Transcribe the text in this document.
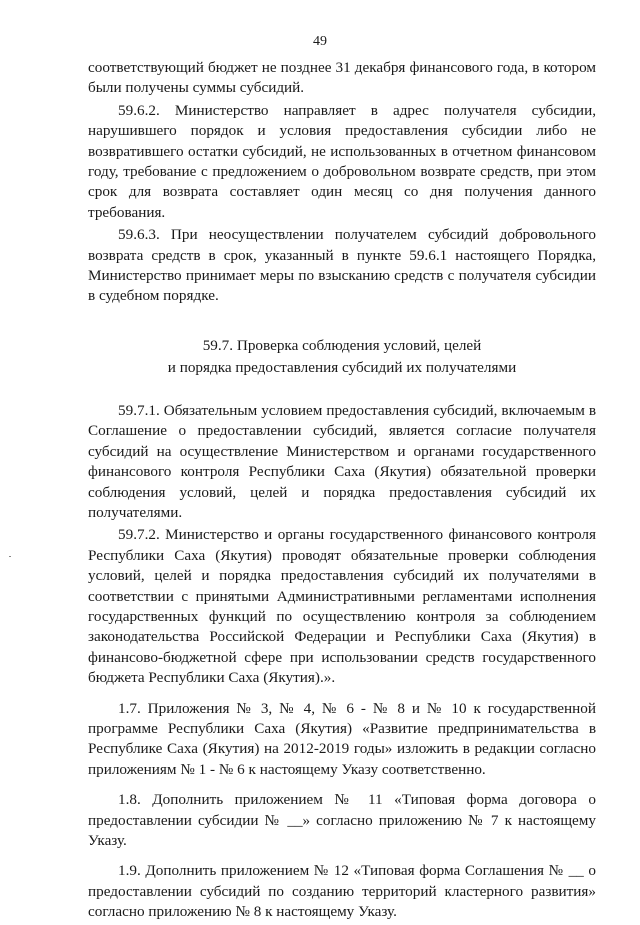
49

соответствующий бюджет не позднее 31 декабря финансового года, в котором были получены суммы субсидий.

59.6.2. Министерство направляет в адрес получателя субсидии, нарушившего порядок и условия предоставления субсидии либо не возвратившего остатки субсидий, не использованных в отчетном финансовом году, требование с предложением о добровольном возврате средств, при этом срок для возврата составляет один месяц со дня получения данного требования.

59.6.3. При неосуществлении получателем субсидий добровольного возврата средств в срок, указанный в пункте 59.6.1 настоящего Порядка, Министерство принимает меры по взысканию средств с получателя субсидии в судебном порядке.

59.7. Проверка соблюдения условий, целей
и порядка предоставления субсидий их получателями

59.7.1. Обязательным условием предоставления субсидий, включаемым в Соглашение о предоставлении субсидий, является согласие получателя субсидий на осуществление Министерством и органами государственного финансового контроля Республики Саха (Якутия) обязательной проверки соблюдения условий, целей и порядка предоставления субсидий их получателями.

59.7.2. Министерство и органы государственного финансового контроля Республики Саха (Якутия) проводят обязательные проверки соблюдения условий, целей и порядка предоставления субсидий их получателями в соответствии с принятыми Административными регламентами исполнения государственных функций по осуществлению контроля за соблюдением законодательства Российской Федерации и Республики Саха (Якутия) в финансово-бюджетной сфере при использовании средств государственного бюджета Республики Саха (Якутия).».

1.7. Приложения № 3, № 4, № 6 - № 8 и № 10 к государственной программе Республики Саха (Якутия) «Развитие предпринимательства в Республике Саха (Якутия) на 2012-2019 годы» изложить в редакции согласно приложениям № 1 - № 6 к настоящему Указу соответственно.

1.8. Дополнить приложением № 11 «Типовая форма договора о предоставлении субсидии № __» согласно приложению № 7 к настоящему Указу.

1.9. Дополнить приложением № 12 «Типовая форма Соглашения № __ о предоставлении субсидий по созданию территорий кластерного развития» согласно приложению № 8 к настоящему Указу.
